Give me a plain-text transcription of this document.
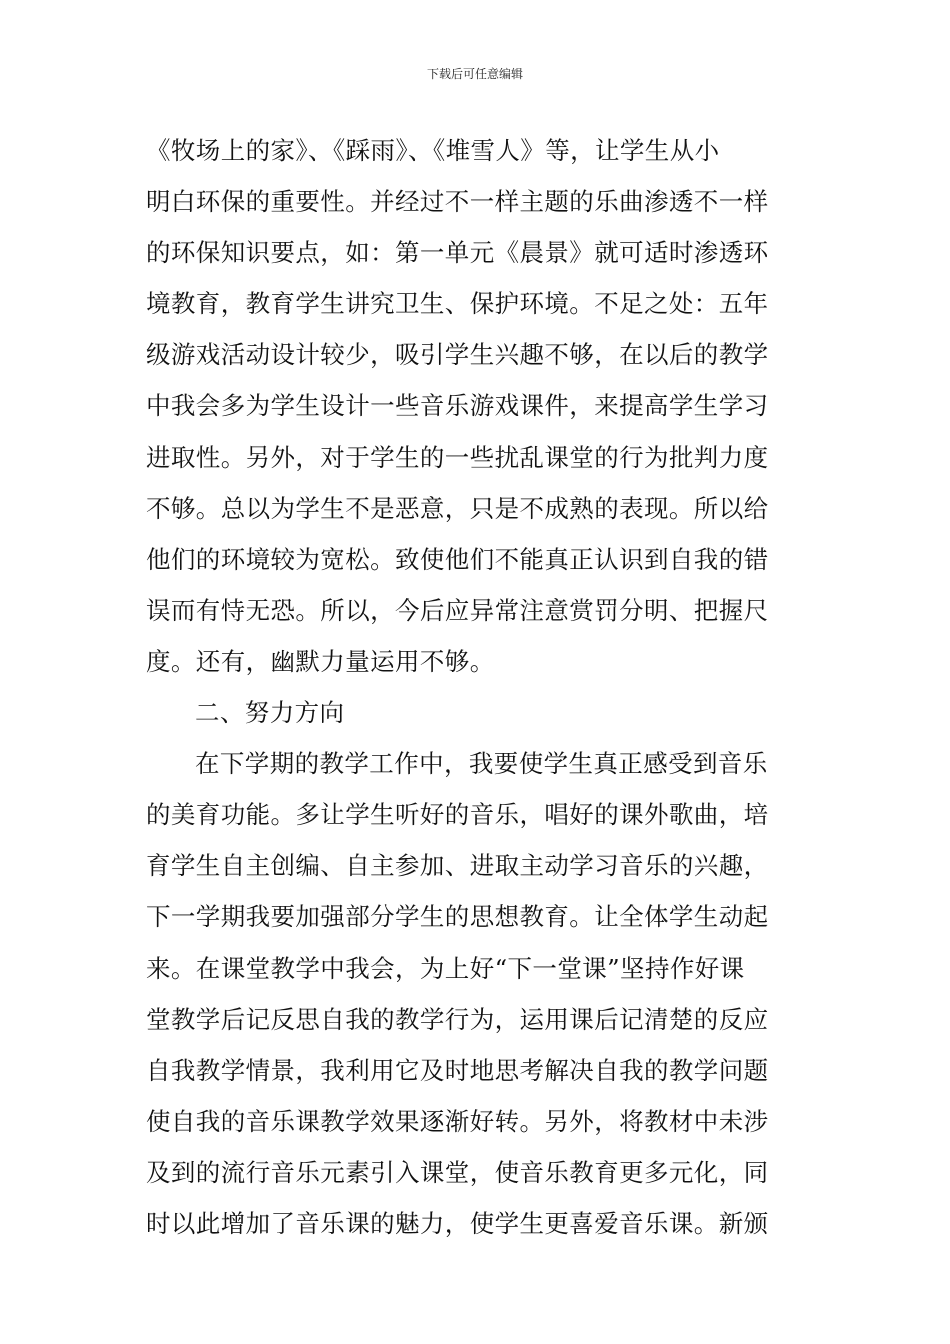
下载后可任意编辑
《牧场上的家》、《踩雨》、《堆雪人》等，让学生从小
明白环保的重要性。并经过不一样主题的乐曲渗透不一样
的环保知识要点，如：第一单元《晨景》就可适时渗透环
境教育，教育学生讲究卫生、保护环境。不足之处：五年
级游戏活动设计较少，吸引学生兴趣不够，在以后的教学
中我会多为学生设计一些音乐游戏课件，来提高学生学习
进取性。另外，对于学生的一些扰乱课堂的行为批判力度
不够。总以为学生不是恶意，只是不成熟的表现。所以给
他们的环境较为宽松。致使他们不能真正认识到自我的错
误而有恃无恐。所以，今后应异常注意赏罚分明、把握尺
度。还有，幽默力量运用不够。
二、努力方向
在下学期的教学工作中，我要使学生真正感受到音乐
的美育功能。多让学生听好的音乐，唱好的课外歌曲，培
育学生自主创编、自主参加、进取主动学习音乐的兴趣，
下一学期我要加强部分学生的思想教育。让全体学生动起
来。在课堂教学中我会，为上好“下一堂课”坚持作好课
堂教学后记反思自我的教学行为，运用课后记清楚的反应
自我教学情景，我利用它及时地思考解决自我的教学问题
使自我的音乐课教学效果逐渐好转。另外，将教材中未涉
及到的流行音乐元素引入课堂，使音乐教育更多元化，同
时以此增加了音乐课的魅力，使学生更喜爱音乐课。新颁
